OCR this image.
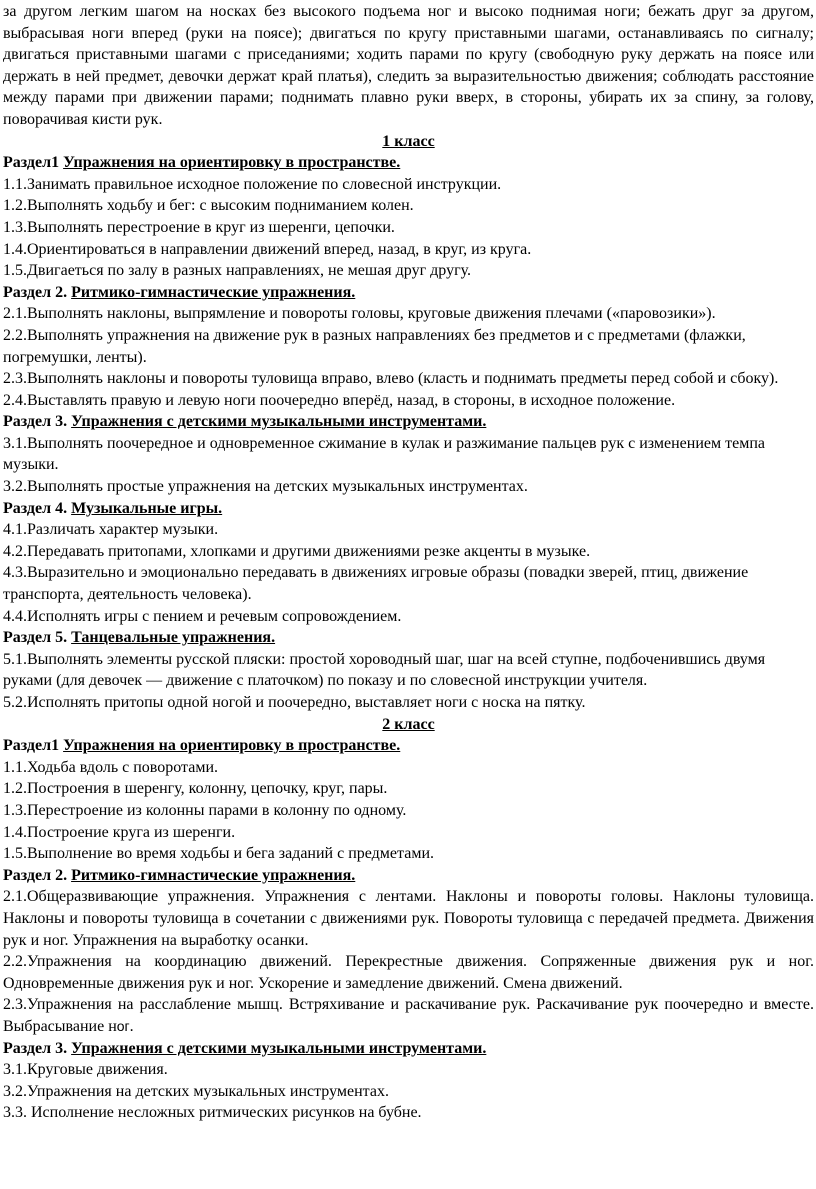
за другом легким шагом на носках без высокого подъема ног и высоко поднимая ноги; бежать друг за другом, выбрасывая ноги вперед (руки на поясе); двигаться по кругу приставными шагами, останавливаясь по сигналу; двигаться приставными шагами с приседаниями; ходить парами по кругу (свободную руку держать на поясе или держать в ней предмет, девочки держат край платья), следить за выразительностью движения; соблюдать расстояние между парами при движении парами; поднимать плавно руки вверх, в стороны, убирать их за спину, за голову, поворачивая кисти рук.
1 класс
Раздел1 Упражнения на ориентировку в пространстве.
1.1.Занимать правильное исходное положение по словесной инструкции.
1.2.Выполнять ходьбу и бег: с высоким подниманием колен.
1.3.Выполнять перестроение в круг из шеренги, цепочки.
1.4.Ориентироваться в направлении движений вперед, назад, в круг, из круга.
1.5.Двигаеться по залу в разных направлениях, не мешая друг другу.
Раздел 2. Ритмико-гимнастические упражнения.
2.1.Выполнять наклоны, выпрямление и повороты головы, круговые движения плечами («паровозики»).
2.2.Выполнять упражнения на движение рук в разных направлениях без предметов и с предметами (флажки, погремушки, ленты).
2.3.Выполнять наклоны и повороты туловища вправо, влево (класть и поднимать предметы перед собой и сбоку).
2.4.Выставлять правую и левую ноги поочередно вперёд, назад, в стороны, в исходное положение.
Раздел 3. Упражнения с детскими музыкальными инструментами.
3.1.Выполнять поочередное и одновременное сжимание в кулак и разжимание пальцев рук с изменением темпа музыки.
3.2.Выполнять простые упражнения на детских музыкальных инструментах.
Раздел 4. Музыкальные игры.
4.1.Различать характер музыки.
4.2.Передавать притопами, хлопками и другими движениями резке акценты в музыке.
4.3.Выразительно и эмоционально передавать в движениях игровые образы (повадки зверей, птиц, движение транспорта, деятельность человека).
4.4.Исполнять игры с пением и речевым сопровождением.
Раздел 5. Танцевальные упражнения.
5.1.Выполнять элементы русской пляски: простой хороводный шаг, шаг на всей ступне, подбоченившись двумя руками (для девочек — движение с платочком) по показу и по словесной инструкции учителя.
5.2.Исполнять притопы одной ногой и поочередно, выставляет ноги с носка на пятку.
2 класс
Раздел1 Упражнения на ориентировку в пространстве.
1.1.Ходьба вдоль с поворотами.
1.2.Построения в шеренгу, колонну, цепочку, круг, пары.
1.3.Перестроение из колонны парами в колонну по одному.
1.4.Построение круга из шеренги.
1.5.Выполнение во время ходьбы и бега заданий с предметами.
Раздел 2. Ритмико-гимнастические упражнения.
2.1.Общеразвивающие упражнения. Упражнения с лентами. Наклоны и повороты головы. Наклоны туловища. Наклоны и повороты туловища в сочетании с движениями рук. Повороты туловища с передачей предмета. Движения рук и ног. Упражнения на выработку осанки.
2.2.Упражнения на координацию движений. Перекрестные движения. Сопряженные движения рук и ног. Одновременные движения рук и ног. Ускорение и замедление движений. Смена движений.
2.3.Упражнения на расслабление мышц. Встряхивание и раскачивание рук. Раскачивание рук поочередно и вместе. Выбрасывание ног.
Раздел 3. Упражнения с детскими музыкальными инструментами.
3.1.Круговые движения.
3.2.Упражнения на детских музыкальных инструментах.
3.3. Исполнение несложных ритмических рисунков на бубне.
